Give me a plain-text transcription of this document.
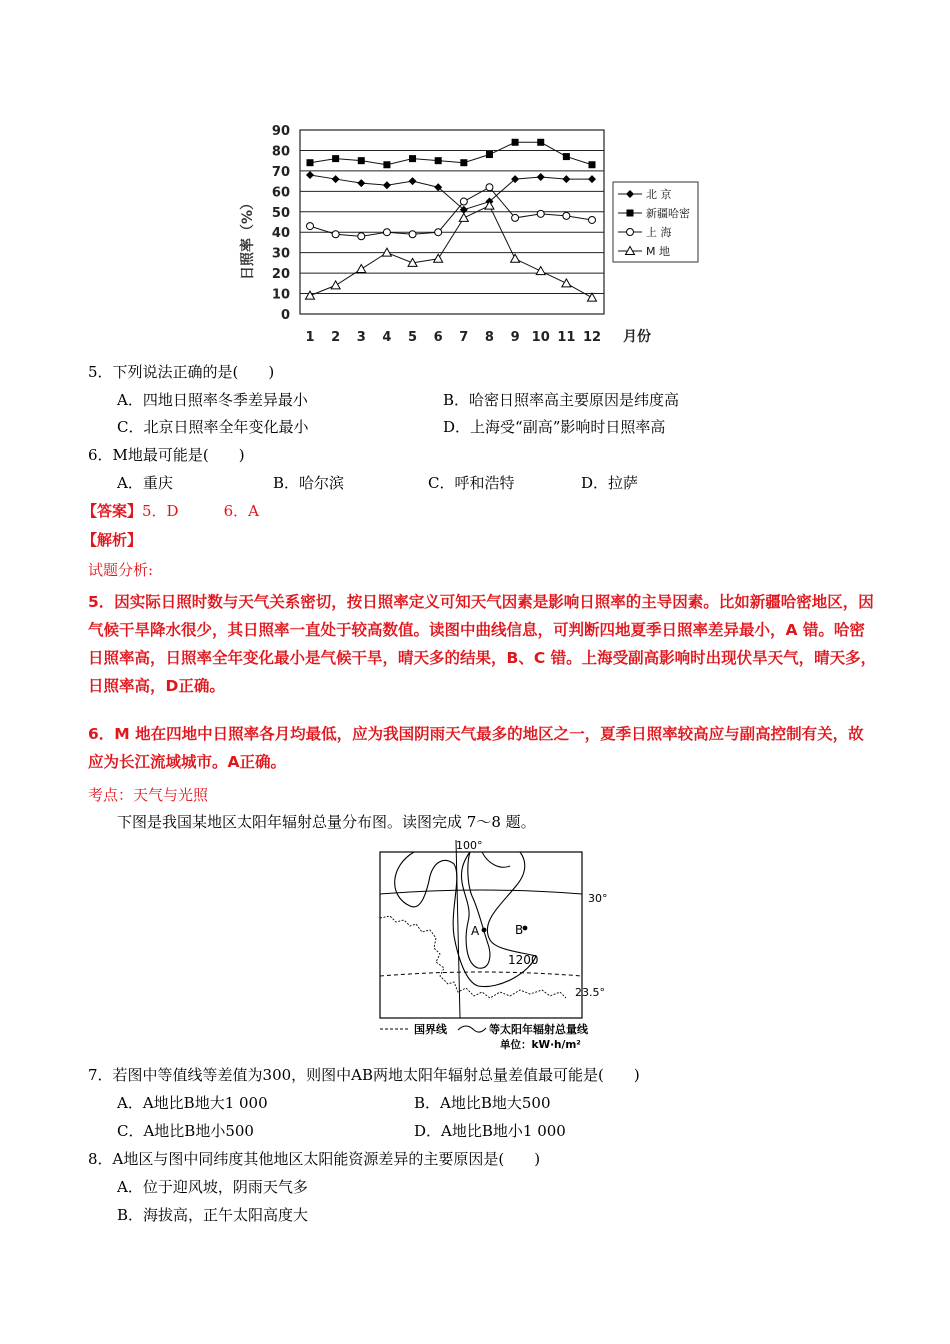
0
10
20
30
40
50
60
70
80
90
1 2 3 4 5 6 7 8 9 10 11 12
日照率（%）
月份
北 京
新疆哈密
上 海
M 地
5．下列说法正确的是(　　)
A．四地日照率冬季差异最小	B．哈密日照率高主要原因是纬度高
C．北京日照率全年变化最小	D．上海受“副高”影响时日照率高
6．M地最可能是(　　)
A．重庆	B．哈尔滨	C．呼和浩特	D．拉萨
【答案】5．D　　　6．A
【解析】
试题分析:
5．因实际日照时数与天气关系密切，按日照率定义可知天气因素是影响日照率的主导因素。比如新疆哈密地区，因气候干旱降水很少，其日照率一直处于较高数值。读图中曲线信息，可判断四地夏季日照率差异最小，A 错。哈密日照率高，日照率全年变化最小是气候干旱，晴天多的结果，B、C 错。上海受副高影响时出现伏旱天气，晴天多，日照率高，D正确。
6．M 地在四地中日照率各月均最低，应为我国阴雨天气最多的地区之一，夏季日照率较高应与副高控制有关，故应为长江流域城市。A正确。
考点：天气与光照
下图是我国某地区太阳年辐射总量分布图。读图完成 7～8 题。
A	B
1200
100°
30°
23.5°
国界线	等太阳年辐射总量线
单位：kW·h/m²
7．若图中等值线等差值为300，则图中AB两地太阳年辐射总量差值最可能是(　　)
A．A地比B地大1 000	B．A地比B地大500
C．A地比B地小500	D．A地比B地小1 000
8．A地区与图中同纬度其他地区太阳能资源差异的主要原因是(　　)
A．位于迎风坡，阴雨天气多
B．海拔高，正午太阳高度大
